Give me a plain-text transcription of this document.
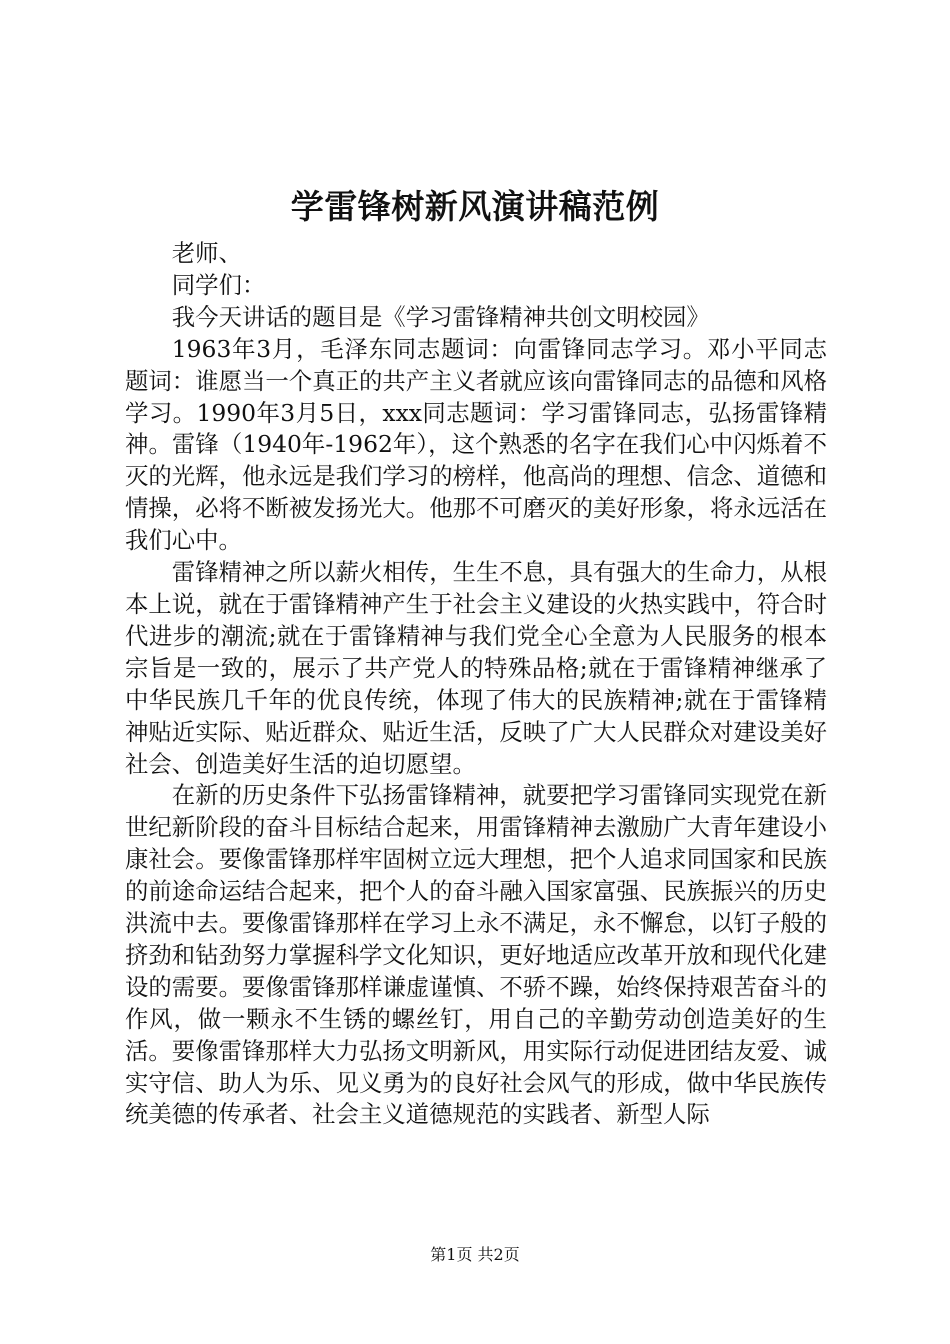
学雷锋树新风演讲稿范例

老师、

同学们：

我今天讲话的题目是《学习雷锋精神共创文明校园》

1963年3月，毛泽东同志题词：向雷锋同志学习。邓小平同志题词：谁愿当一个真正的共产主义者就应该向雷锋同志的品德和风格学习。1990年3月5日，xxx同志题词：学习雷锋同志，弘扬雷锋精神。雷锋（1940年-1962年），这个熟悉的名字在我们心中闪烁着不灭的光辉，他永远是我们学习的榜样，他高尚的理想、信念、道德和情操，必将不断被发扬光大。他那不可磨灭的美好形象，将永远活在我们心中。

雷锋精神之所以薪火相传，生生不息，具有强大的生命力，从根本上说，就在于雷锋精神产生于社会主义建设的火热实践中，符合时代进步的潮流;就在于雷锋精神与我们党全心全意为人民服务的根本宗旨是一致的，展示了共产党人的特殊品格;就在于雷锋精神继承了中华民族几千年的优良传统，体现了伟大的民族精神;就在于雷锋精神贴近实际、贴近群众、贴近生活，反映了广大人民群众对建设美好社会、创造美好生活的迫切愿望。

在新的历史条件下弘扬雷锋精神，就要把学习雷锋同实现党在新世纪新阶段的奋斗目标结合起来，用雷锋精神去激励广大青年建设小康社会。要像雷锋那样牢固树立远大理想，把个人追求同国家和民族的前途命运结合起来，把个人的奋斗融入国家富强、民族振兴的历史洪流中去。要像雷锋那样在学习上永不满足，永不懈怠，以钉子般的挤劲和钻劲努力掌握科学文化知识，更好地适应改革开放和现代化建设的需要。要像雷锋那样谦虚谨慎、不骄不躁，始终保持艰苦奋斗的作风，做一颗永不生锈的螺丝钉，用自己的辛勤劳动创造美好的生活。要像雷锋那样大力弘扬文明新风，用实际行动促进团结友爱、诚实守信、助人为乐、见义勇为的良好社会风气的形成，做中华民族传统美德的传承者、社会主义道德规范的实践者、新型人际

第1页 共2页
